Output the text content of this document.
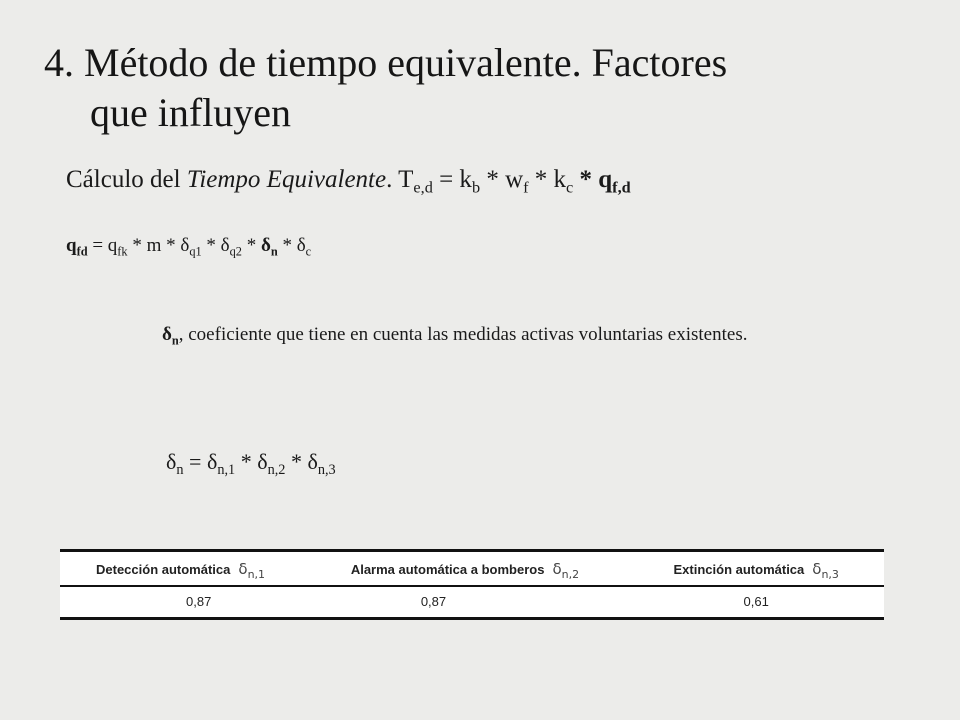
4. Método de tiempo equivalente. Factores
que influyen
Cálculo del Tiempo Equivalente. $T_{e,d} = k_b * w_f * k_c * q_{f,d}$
$q_{fd} = q_{fk} * m * \delta_{q1} * \delta_{q2} * \delta_n * \delta_c$
$\delta_n$, coeficiente que tiene en cuenta las medidas activas voluntarias existentes.
$\delta_n = \delta_{n,1} * \delta_{n,2} * \delta_{n,3}$
Detección automática $\delta_{n,1}$	Alarma automática a bomberos $\delta_{n,2}$	Extinción automática $\delta_{n,3}$
0,87	0,87	0,61
